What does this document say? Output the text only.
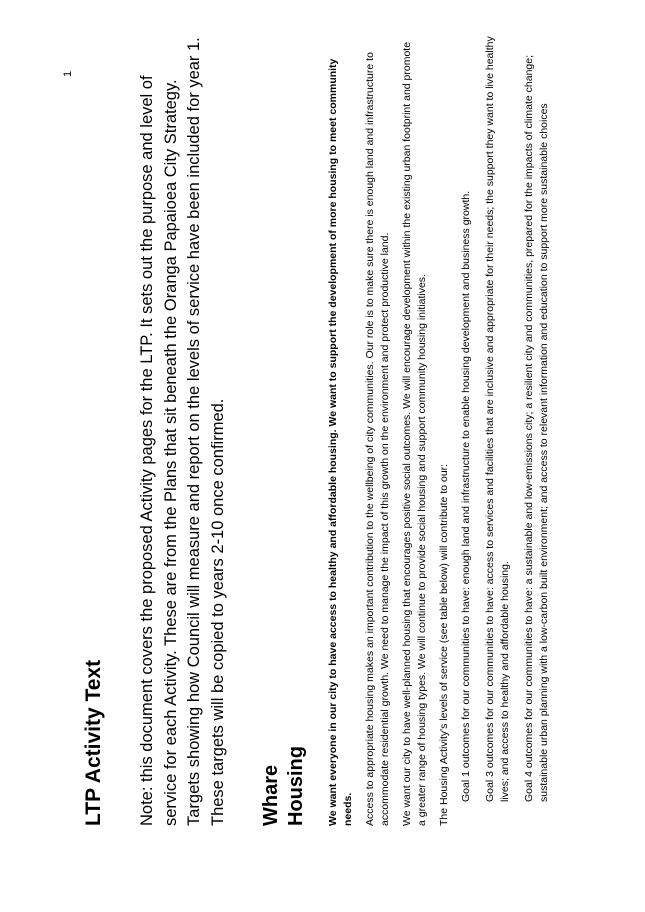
1
LTP Activity Text Note: this document covers the proposed Activity pages for the LTP. It sets out the purpose and level of service for each Activity. These are from the Plans that sit beneath the Oranga Papaioea City Strategy. Targets showing how Council will measure and report on the levels of service have been included for year 1. These targets will be copied to years 2-10 once confirmed. Whare Housing We want everyone in our city to have access to healthy and affordable housing. We want to support the development of more housing to meet community needs. Access to appropriate housing makes an important contribution to the wellbeing of city communities. Our role is to make sure there is enough land and infrastructure to accommodate residential growth. We need to manage the impact of this growth on the environment and protect productive land. We want our city to have well-planned housing that encourages positive social outcomes. We will encourage development within the existing urban footprint and promote a greater range of housing types. We will continue to provide social housing and support community housing initiatives. The Housing Activity's levels of service (see table below) will contribute to our: Goal 1 outcomes for our communities to have: enough land and infrastructure to enable housing development and business growth. Goal 3 outcomes for our communities to have: access to services and facilities that are inclusive and appropriate for their needs; the support they want to live healthy lives; and access to healthy and affordable housing. Goal 4 outcomes for our communities to have: a sustainable and low-emissions city; a resilient city and communities, prepared for the impacts of climate change; sustainable urban planning with a low-carbon built environment; and access to relevant information and education to support more sustainable choices
